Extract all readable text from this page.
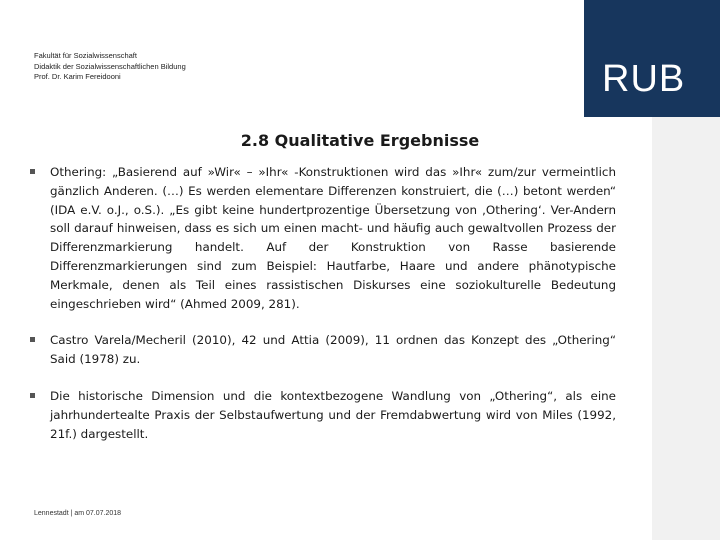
RUB
Fakultät für Sozialwissenschaft
Didaktik der Sozialwissenschaftlichen Bildung
Prof. Dr. Karim Fereidooni
2.8 Qualitative Ergebnisse
Othering: „Basierend auf »Wir« – »Ihr« -Konstruktionen wird das »Ihr« zum/zur vermeintlich gänzlich Anderen. (…) Es werden elementare Differenzen konstruiert, die (…) betont werden“ (IDA e.V. o.J., o.S.). „Es gibt keine hundertprozentige Übersetzung von ‚Othering‘. Ver-Andern soll darauf hinweisen, dass es sich um einen macht- und häufig auch gewaltvollen Prozess der Differenzmarkierung handelt. Auf der Konstruktion von Rasse basierende Differenzmarkierungen sind zum Beispiel: Hautfarbe, Haare und andere phänotypische Merkmale, denen als Teil eines rassistischen Diskurses eine soziokulturelle Bedeutung eingeschrieben wird“ (Ahmed 2009, 281).
Castro Varela/Mecheril (2010), 42 und Attia (2009), 11 ordnen das Konzept des „Othering“ Said (1978) zu.
Die historische Dimension und die kontextbezogene Wandlung von „Othering“, als eine jahrhundertealte Praxis der Selbstaufwertung und der Fremdabwertung wird von Miles (1992, 21f.) dargestellt.
Lennestadt | am 07.07.2018
